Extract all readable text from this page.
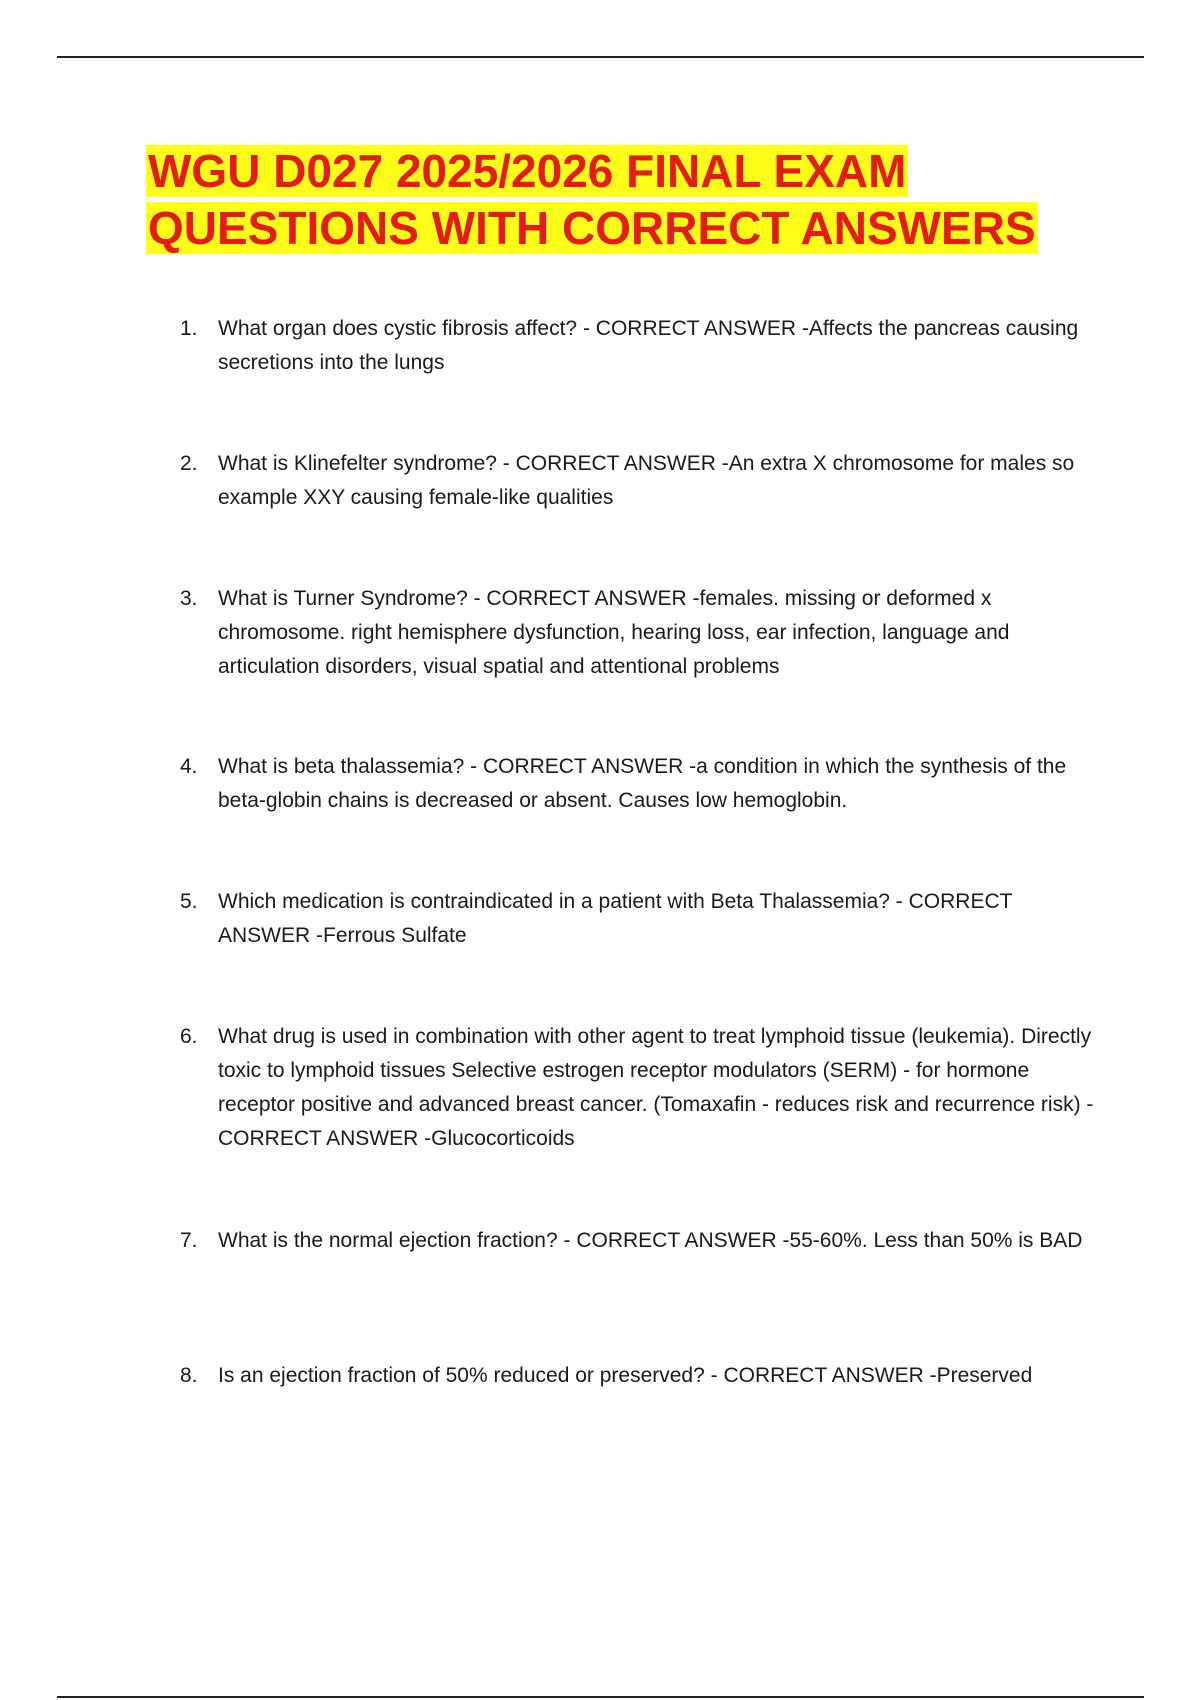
WGU D027 2025/2026 FINAL EXAM
QUESTIONS WITH CORRECT ANSWERS
1. What organ does cystic fibrosis affect? - CORRECT ANSWER -Affects the pancreas causing secretions into the lungs
2. What is Klinefelter syndrome? - CORRECT ANSWER -An extra X chromosome for males so example XXY causing female-like qualities
3. What is Turner Syndrome? - CORRECT ANSWER -females. missing or deformed x chromosome. right hemisphere dysfunction, hearing loss, ear infection, language and articulation disorders, visual spatial and attentional problems
4. What is beta thalassemia? - CORRECT ANSWER -a condition in which the synthesis of the beta-globin chains is decreased or absent. Causes low hemoglobin.
5. Which medication is contraindicated in a patient with Beta Thalassemia? - CORRECT ANSWER -Ferrous Sulfate
6. What drug is used in combination with other agent to treat lymphoid tissue (leukemia). Directly toxic to lymphoid tissues Selective estrogen receptor modulators (SERM) - for hormone receptor positive and advanced breast cancer. (Tomaxafin - reduces risk and recurrence risk) - CORRECT ANSWER -Glucocorticoids
7. What is the normal ejection fraction? - CORRECT ANSWER -55-60%. Less than 50% is BAD
8. Is an ejection fraction of 50% reduced or preserved? - CORRECT ANSWER -Preserved
